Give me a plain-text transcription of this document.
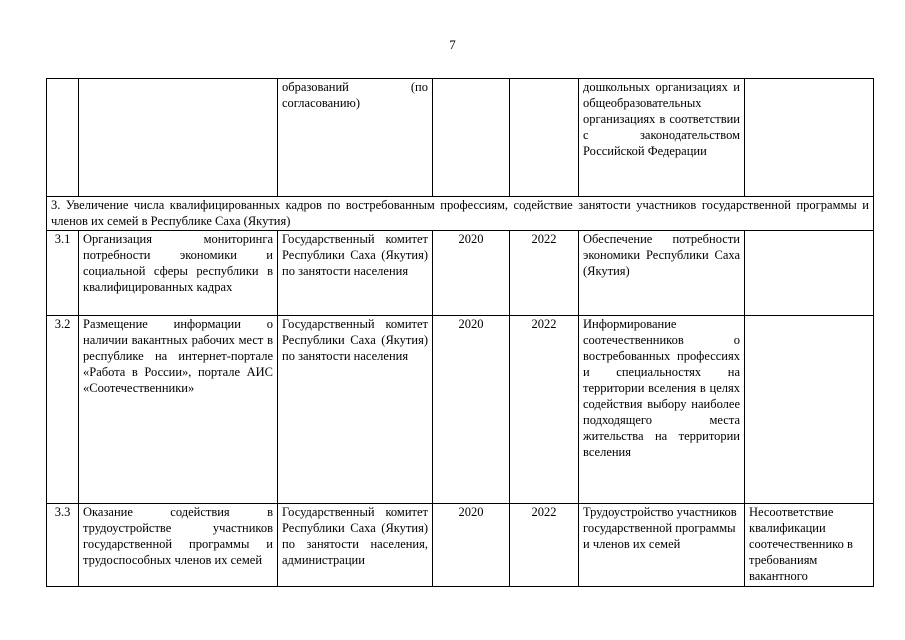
7
		образований (по согласованию)			дошкольных организациях и общеобразовательных организациях в соответствии с законодательством Российской Федерации	
3. Увеличение числа квалифицированных кадров по востребованным профессиям, содействие занятости участников государственной программы и членов их семей в Республике Саха (Якутия)						
3.1	Организация мониторинга потребности экономики и социальной сферы республики в квалифицированных кадрах	Государственный комитет Республики Саха (Якутия) по занятости населения	2020	2022	Обеспечение потребности экономики Республики Саха (Якутия)	
3.2	Размещение информации о наличии вакантных рабочих мест в республике на интернет-портале «Работа в России», портале АИС «Соотечественники»	Государственный комитет Республики Саха (Якутия) по занятости населения	2020	2022	Информирование соотечественников о востребованных профессиях и специальностях на территории вселения в целях содействия выбору наиболее подходящего места жительства на территории вселения	
3.3	Оказание содействия в трудоустройстве участников государственной программы и трудоспособных членов их семей	Государственный комитет Республики Саха (Якутия) по занятости населения, администрации	2020	2022	Трудоустройство участников государственной программы и членов их семей	Несоответствие квалификации соотечественнико в требованиям вакантного
